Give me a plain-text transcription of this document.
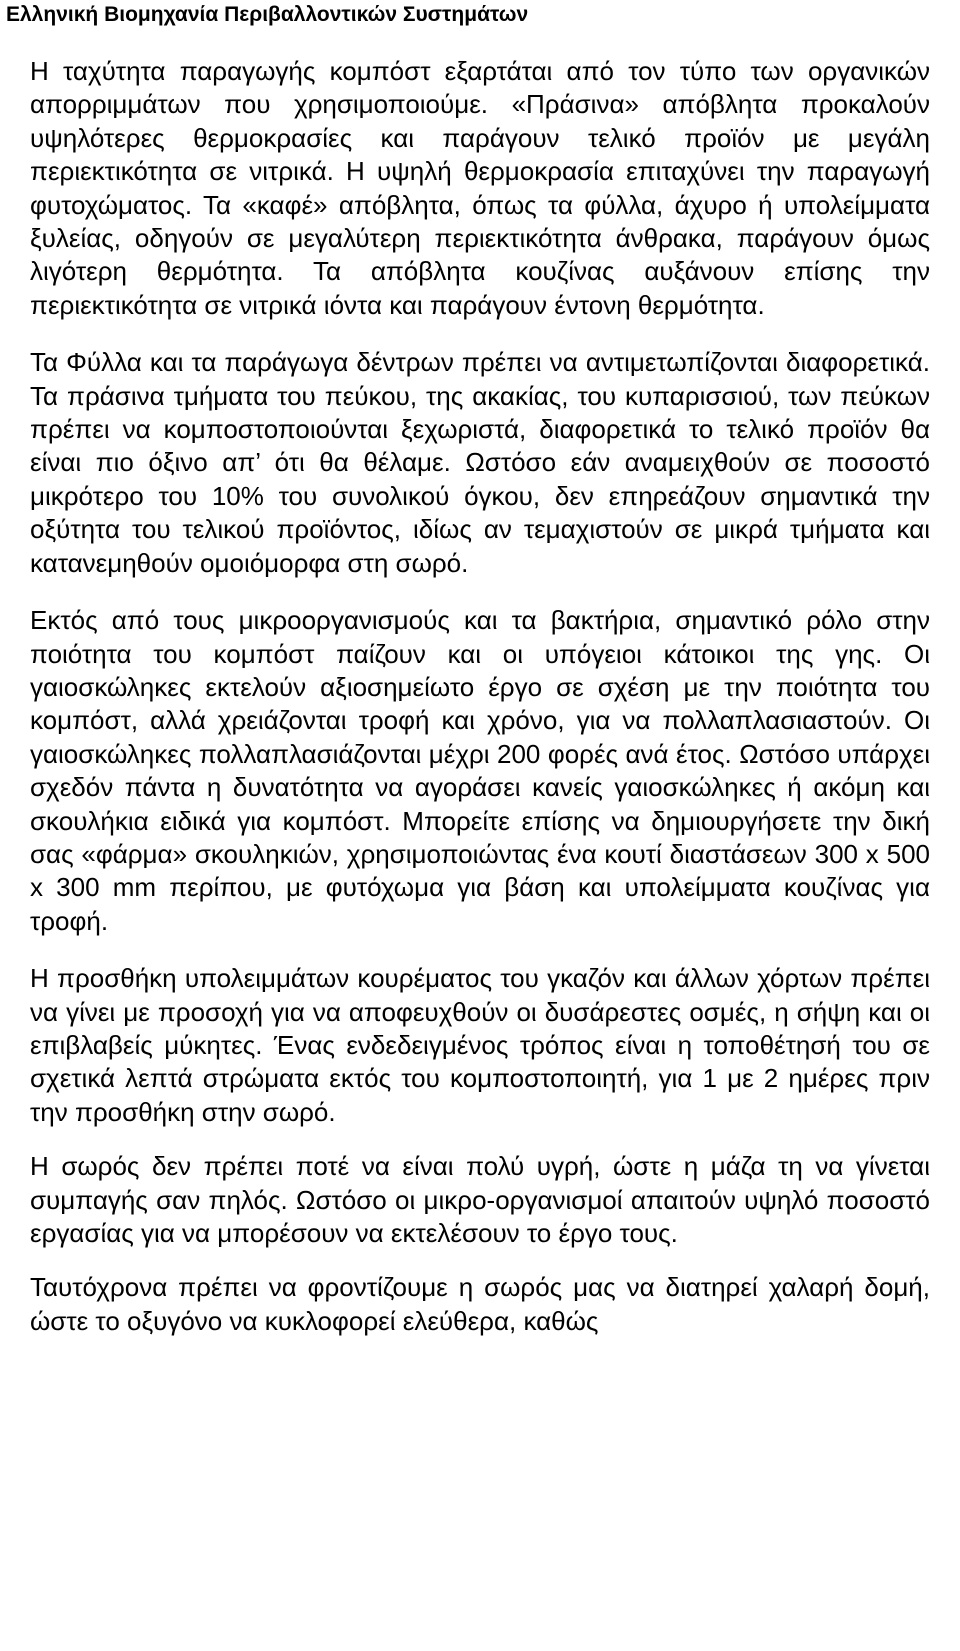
Ελληνική Βιομηχανία Περιβαλλοντικών Συστημάτων

Η ταχύτητα παραγωγής κομπόστ εξαρτάται από τον τύπο των οργανικών απορριμμάτων που χρησιμοποιούμε. «Πράσινα» απόβλητα προκαλούν υψηλότερες θερμοκρασίες και παράγουν τελικό προϊόν με μεγάλη περιεκτικότητα σε νιτρικά. Η υψηλή θερμοκρασία επιταχύνει την παραγωγή φυτοχώματος. Τα «καφέ» απόβλητα, όπως τα φύλλα, άχυρο ή υπολείμματα ξυλείας, οδηγούν σε μεγαλύτερη περιεκτικότητα άνθρακα, παράγουν όμως λιγότερη θερμότητα. Τα απόβλητα κουζίνας αυξάνουν επίσης την περιεκτικότητα σε νιτρικά ιόντα και παράγουν έντονη θερμότητα.

Τα Φύλλα και τα παράγωγα δέντρων πρέπει να αντιμετωπίζονται διαφορετικά. Τα πράσινα τμήματα του πεύκου, της ακακίας, του κυπαρισσιού, των πεύκων πρέπει να κομποστοποιούνται ξεχωριστά, διαφορετικά το τελικό προϊόν θα είναι πιο όξινο απ’ ότι θα θέλαμε. Ωστόσο εάν αναμειχθούν σε ποσοστό μικρότερο του 10% του συνολικού όγκου, δεν επηρεάζουν σημαντικά την οξύτητα του τελικού προϊόντος, ιδίως αν τεμαχιστούν σε μικρά τμήματα και κατανεμηθούν ομοιόμορφα στη σωρό.

Εκτός από τους μικροοργανισμούς και τα βακτήρια, σημαντικό ρόλο στην ποιότητα του κομπόστ παίζουν και οι υπόγειοι κάτοικοι της γης. Οι γαιοσκώληκες εκτελούν αξιοσημείωτο έργο σε σχέση με την ποιότητα του κομπόστ, αλλά χρειάζονται τροφή και χρόνο, για να πολλαπλασιαστούν. Οι γαιοσκώληκες πολλαπλασιάζονται μέχρι 200 φορές ανά έτος. Ωστόσο υπάρχει σχεδόν πάντα η δυνατότητα να αγοράσει κανείς γαιοσκώληκες ή ακόμη και σκουλήκια ειδικά για κομπόστ. Μπορείτε επίσης να δημιουργήσετε την δική σας «φάρμα» σκουληκιών, χρησιμοποιώντας ένα κουτί διαστάσεων 300 x 500 x 300 mm περίπου, με φυτόχωμα για βάση και υπολείμματα κουζίνας για τροφή.

Η προσθήκη υπολειμμάτων κουρέματος του γκαζόν και άλλων χόρτων πρέπει να γίνει με προσοχή για να αποφευχθούν οι δυσάρεστες οσμές, η σήψη και οι επιβλαβείς μύκητες. Ένας ενδεδειγμένος τρόπος είναι η τοποθέτησή του σε σχετικά λεπτά στρώματα εκτός του κομποστοποιητή, για 1 με 2 ημέρες πριν την προσθήκη στην σωρό.

Η σωρός δεν πρέπει ποτέ να είναι πολύ υγρή, ώστε η μάζα τη να γίνεται συμπαγής σαν πηλός. Ωστόσο οι μικρο-οργανισμοί απαιτούν υψηλό ποσοστό εργασίας για να μπορέσουν να εκτελέσουν το έργο τους.

Ταυτόχρονα πρέπει να φροντίζουμε η σωρός μας να διατηρεί χαλαρή δομή, ώστε το οξυγόνο να κυκλοφορεί ελεύθερα, καθώς
